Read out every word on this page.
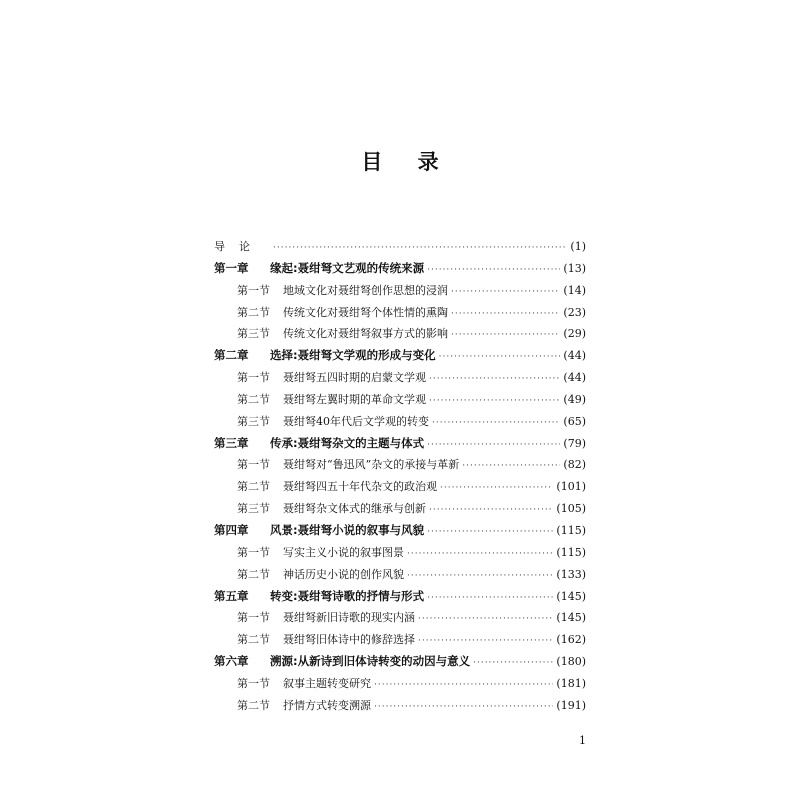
目 录
导论 ·····	(1)
第一章	缘起:聂绀弩文艺观的传统来源 ·····	(13)
第一节	地域文化对聂绀弩创作思想的浸润 ·····	(14)
第二节	传统文化对聂绀弩个体性情的熏陶 ·····	(23)
第三节	传统文化对聂绀弩叙事方式的影响 ·····	(29)
第二章	选择:聂绀弩文学观的形成与变化 ·····	(44)
第一节	聂绀弩五四时期的启蒙文学观 ·····	(44)
第二节	聂绀弩左翼时期的革命文学观 ·····	(49)
第三节	聂绀弩40年代后文学观的转变 ·····	(65)
第三章	传承:聂绀弩杂文的主题与体式 ·····	(79)
第一节	聂绀弩对“鲁迅风”杂文的承接与革新 ·····	(82)
第二节	聂绀弩四五十年代杂文的政治观 ·····	(101)
第三节	聂绀弩杂文体式的继承与创新 ·····	(105)
第四章	风景:聂绀弩小说的叙事与风貌 ·····	(115)
第一节	写实主义小说的叙事图景 ·····	(115)
第二节	神话历史小说的创作风貌 ·····	(133)
第五章	转变:聂绀弩诗歌的抒情与形式 ·····	(145)
第一节	聂绀弩新旧诗歌的现实内涵 ·····	(145)
第二节	聂绀弩旧体诗中的修辞选择 ·····	(162)
第六章	溯源:从新诗到旧体诗转变的动因与意义 ·····	(180)
第一节	叙事主题转变研究 ·····	(181)
第二节	抒情方式转变溯源 ·····	(191)
1
